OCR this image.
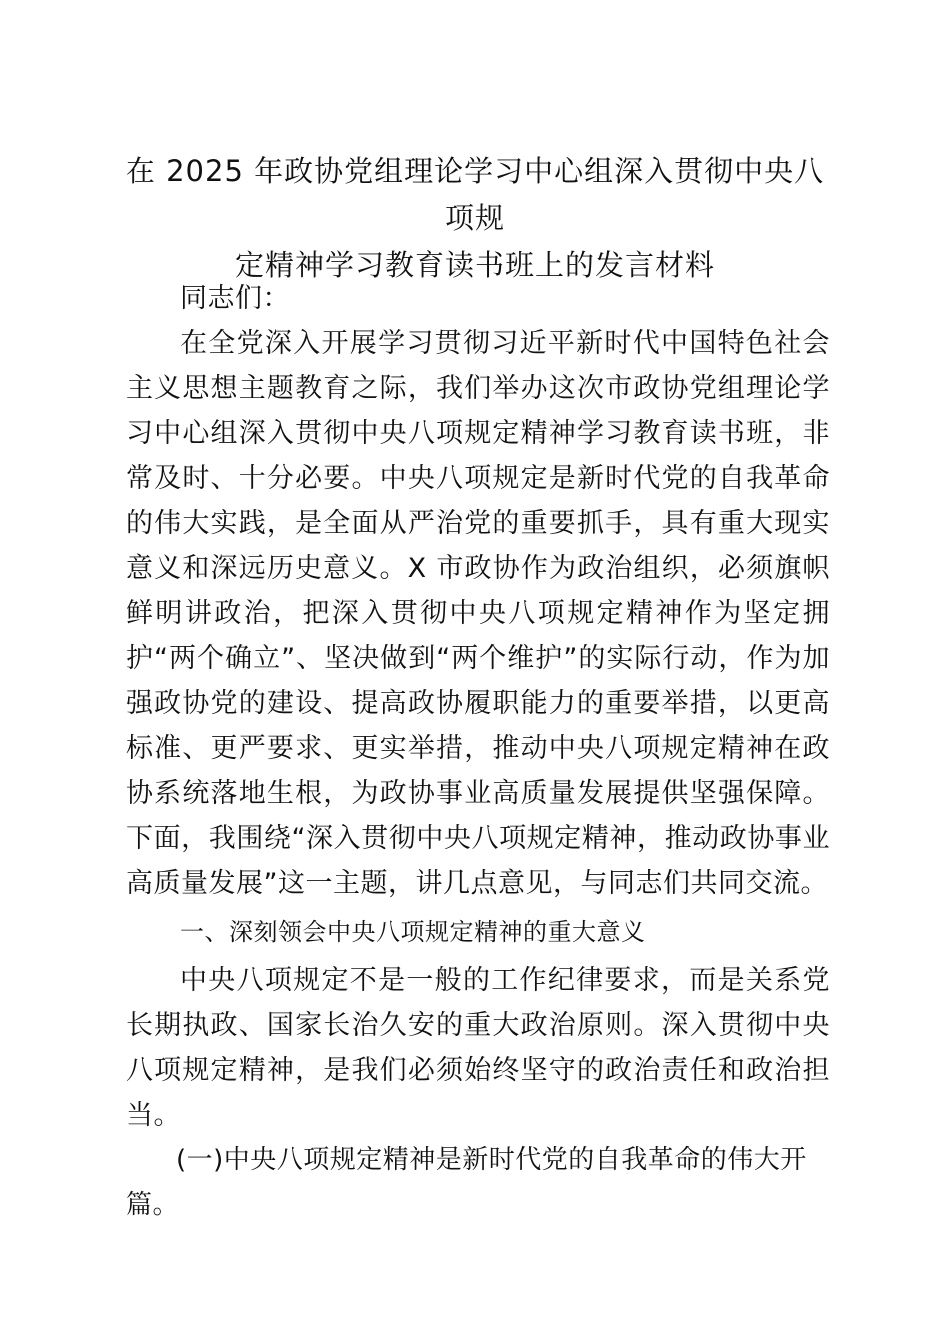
在 2025 年政协党组理论学习中心组深入贯彻中央八项规
定精神学习教育读书班上的发言材料

同志们：

在全党深入开展学习贯彻习近平新时代中国特色社会主义思想主题教育之际，我们举办这次市政协党组理论学习中心组深入贯彻中央八项规定精神学习教育读书班，非常及时、十分必要。中央八项规定是新时代党的自我革命的伟大实践，是全面从严治党的重要抓手，具有重大现实意义和深远历史意义。X 市政协作为政治组织，必须旗帜鲜明讲政治，把深入贯彻中央八项规定精神作为坚定拥护“两个确立”、坚决做到“两个维护”的实际行动，作为加强政协党的建设、提高政协履职能力的重要举措，以更高标准、更严要求、更实举措，推动中央八项规定精神在政协系统落地生根，为政协事业高质量发展提供坚强保障。下面，我围绕“深入贯彻中央八项规定精神，推动政协事业高质量发展”这一主题，讲几点意见，与同志们共同交流。

一、深刻领会中央八项规定精神的重大意义

中央八项规定不是一般的工作纪律要求，而是关系党长期执政、国家长治久安的重大政治原则。深入贯彻中央八项规定精神，是我们必须始终坚守的政治责任和政治担当。

(一)中央八项规定精神是新时代党的自我革命的伟大开篇。
